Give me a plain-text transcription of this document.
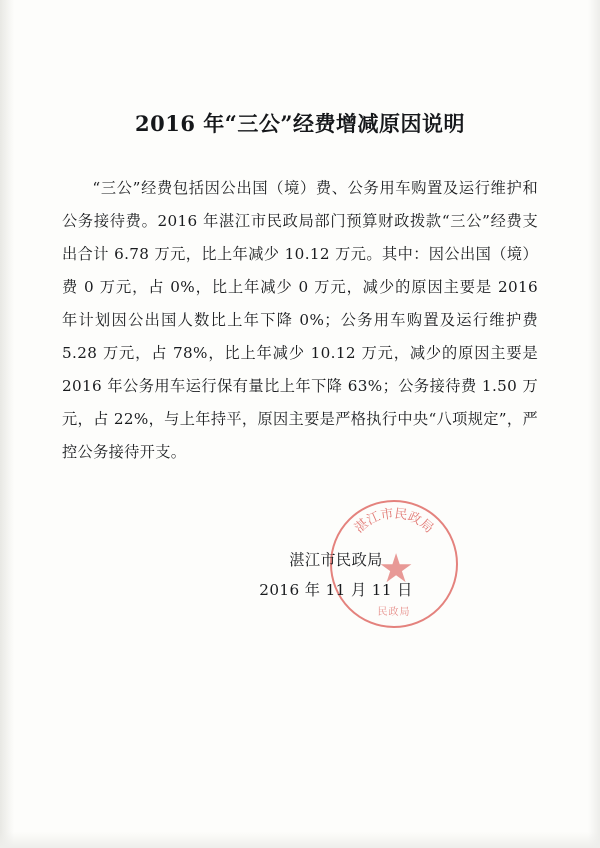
2016 年“三公”经费增减原因说明

“三公”经费包括因公出国（境）费、公务用车购置及运行维护和公务接待费。2016 年湛江市民政局部门预算财政拨款“三公”经费支出合计 6.78 万元，比上年减少 10.12 万元。其中：因公出国（境）费 0 万元，占 0%，比上年减少 0 万元，减少的原因主要是 2016 年计划因公出国人数比上年下降 0%；公务用车购置及运行维护费 5.28 万元，占 78%，比上年减少 10.12 万元，减少的原因主要是 2016 年公务用车运行保有量比上年下降 63%；公务接待费 1.50 万元，占 22%，与上年持平，原因主要是严格执行中央“八项规定”，严控公务接待开支。

湛江市民政局
★
民政局
湛江市民政局
2016 年 11 月 11 日
